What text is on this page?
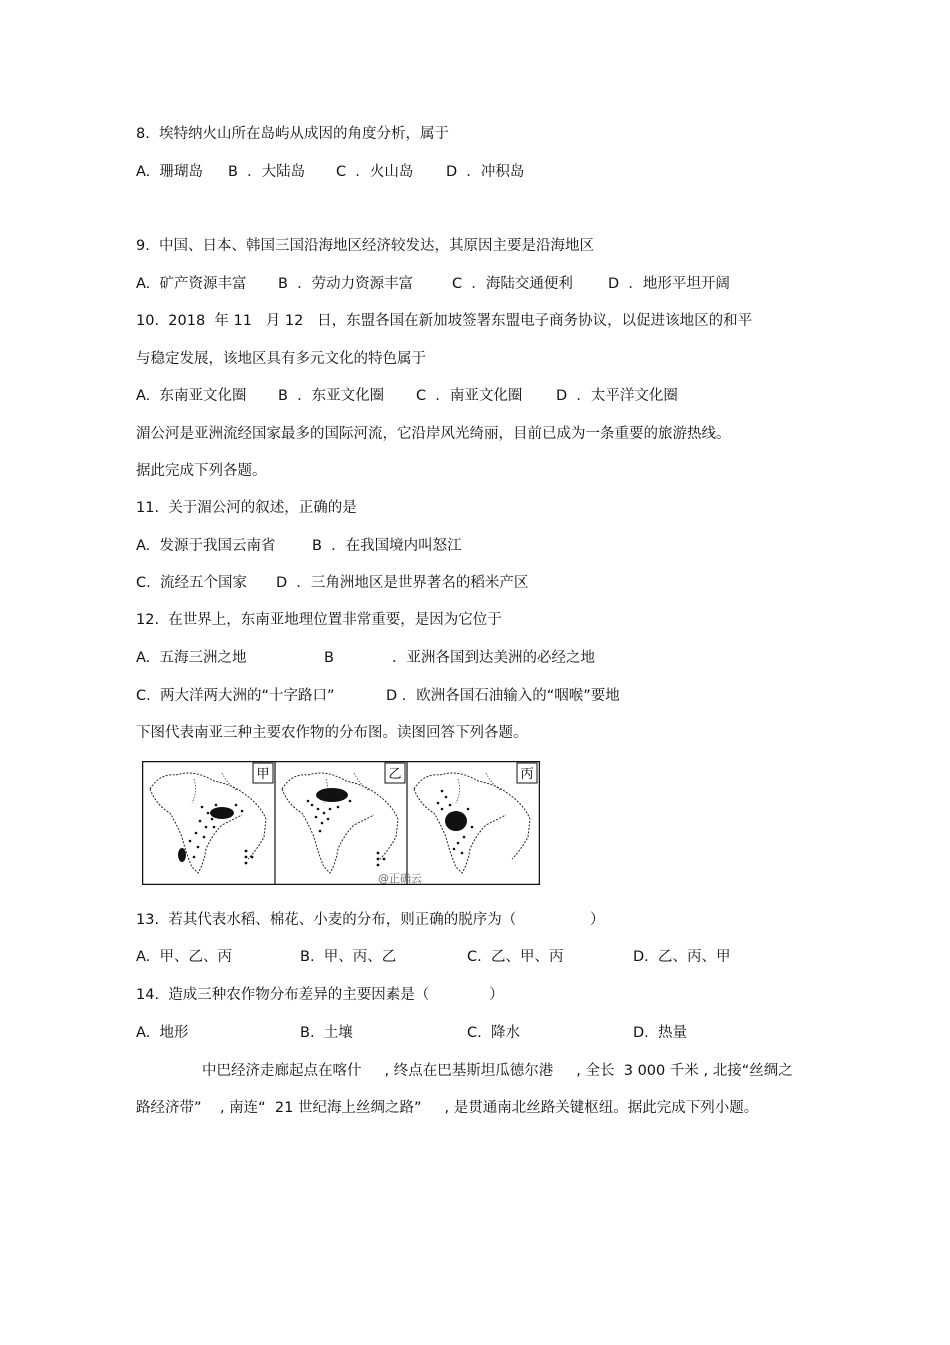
8.  埃特纳火山所在岛屿从成因的角度分析，属于
A.  珊瑚岛 B  ．大陆岛 C  ．火山岛 D  ．冲积岛
9.  中国、日本、韩国三国沿海地区经济较发达，其原因主要是沿海地区
A.  矿产资源丰富 B  ．劳动力资源丰富	C  ．海陆交通便利 D  ．地形平坦开阔
10.  2018  年 11   月 12   日，东盟各国在新加坡签署东盟电子商务协议，以促进该地区的和平
与稳定发展，该地区具有多元文化的特色属于
A.  东南亚文化圈 B  ．东亚文化圈 C  ．南亚文化圈 D  ．太平洋文化圈
湄公河是亚洲流经国家最多的国际河流，它沿岸风光绮丽，目前已成为一条重要的旅游热线。
据此完成下列各题。
11.  关于湄公河的叙述，正确的是
A.  发源于我国云南省	B  ．在我国境内叫怒江
C.  流经五个国家 D  ．三角洲地区是世界著名的稻米产区
12.  在世界上，东南亚地理位置非常重要，是因为它位于
A.  五海三洲之地	B	．亚洲各国到达美洲的必经之地
C.  两大洋两大洲的“十字路口”	D ．欧洲各国石油输入的“咽喉”要地
下图代表南亚三种主要农作物的分布图。读图回答下列各题。
甲	乙	丙
@正确云
13.  若其代表水稻、棉花、小麦的分布，则正确的脱序为（                ）
A.  甲、乙、丙	B.  甲、丙、乙	C.  乙、甲、丙	D.  乙、丙、甲
14.  造成三种农作物分布差异的主要因素是（             ）
A.  地形	B.  土壤	C.  降水	D.  热量
中巴经济走廊起点在喀什     , 终点在巴基斯坦瓜德尔港     , 全长  3 000 千米 , 北接“丝绸之
路经济带”    , 南连“  21 世纪海上丝绸之路”     , 是贯通南北丝路关键枢纽。据此完成下列小题。
